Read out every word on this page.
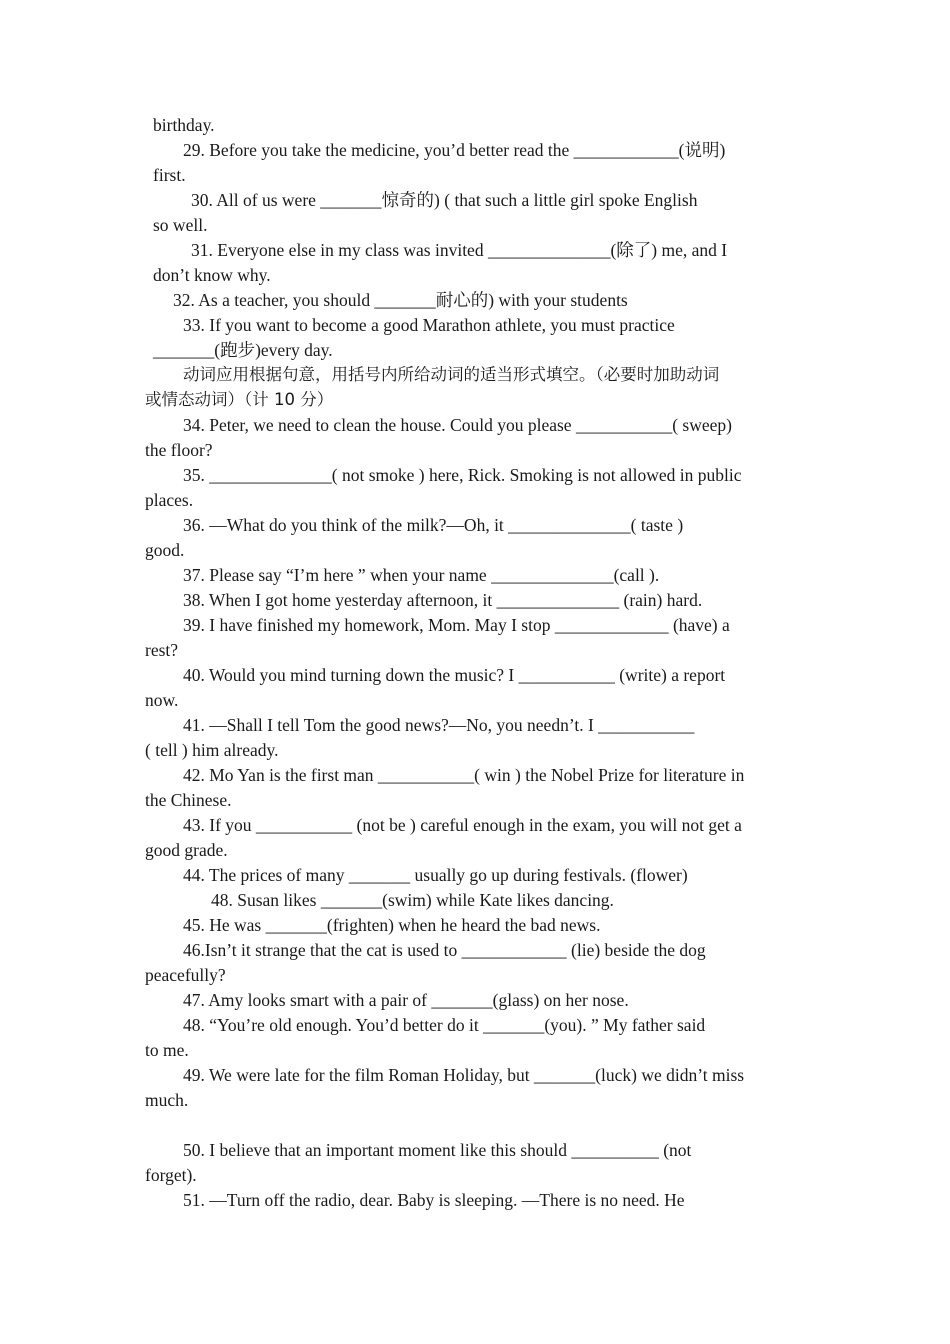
birthday.
29. Before you take the medicine, you’d better read the ____________(说明)
first.
30. All of us were _______惊奇的) ( that such a little girl spoke English
so well.
31. Everyone else in my class was invited ______________(除了) me, and I
don’t know why.
32. As a teacher, you should _______耐心的) with your students
33. If you want to become a good Marathon athlete, you must practice
_______(跑步)every day.
动词应用根据句意，用括号内所给动词的适当形式填空。（必要时加助动词
或情态动词）（计 10 分）
34. Peter, we need to clean the house. Could you please ___________( sweep)
the floor?
35. ______________( not smoke ) here, Rick. Smoking is not allowed in public
places.
36. —What do you think of the milk?—Oh, it ______________( taste )
good.
37. Please say “I’m here ” when your name ______________(call ).
38. When I got home yesterday afternoon, it ______________ (rain) hard.
39. I have finished my homework, Mom. May I stop _____________ (have) a
rest?
40. Would you mind turning down the music? I ___________ (write) a report
now.
41. —Shall I tell Tom the good news?—No, you needn’t. I ___________
( tell ) him already.
42. Mo Yan is the first man ___________( win ) the Nobel Prize for literature in
the Chinese.
43. If you ___________ (not be ) careful enough in the exam, you will not get a
good grade.
44. The prices of many _______ usually go up during festivals. (flower)
48. Susan likes _______(swim) while Kate likes dancing.
45. He was _______(frighten) when he heard the bad news.
46.Isn’t it strange that the cat is used to ____________ (lie) beside the dog
peacefully?
47. Amy looks smart with a pair of _______(glass) on her nose.
48. “You’re old enough. You’d better do it _______(you). ” My father said
to me.
49. We were late for the film Roman Holiday, but _______(luck) we didn’t miss
much.
50. I believe that an important moment like this should __________ (not
forget).
51. —Turn off the radio, dear. Baby is sleeping. —There is no need. He
